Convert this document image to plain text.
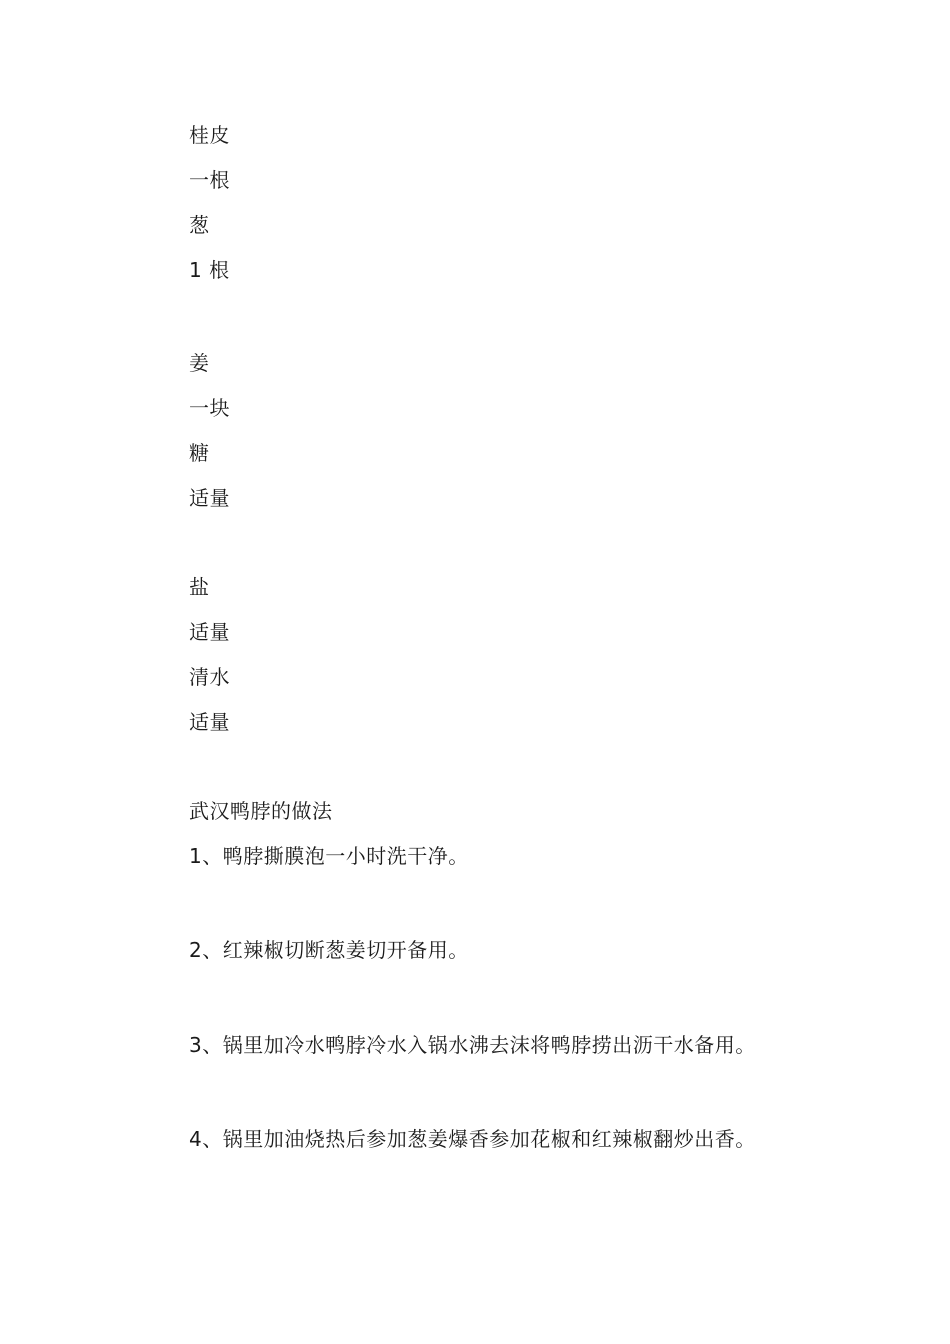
桂皮
一根
葱
1 根
姜
一块
糖
适量
盐
适量
清水
适量
武汉鸭脖的做法
1、鸭脖撕膜泡一小时洗干净。
2、红辣椒切断葱姜切开备用。
3、锅里加冷水鸭脖冷水入锅水沸去沫将鸭脖捞出沥干水备用。
4、锅里加油烧热后参加葱姜爆香参加花椒和红辣椒翻炒出香。
